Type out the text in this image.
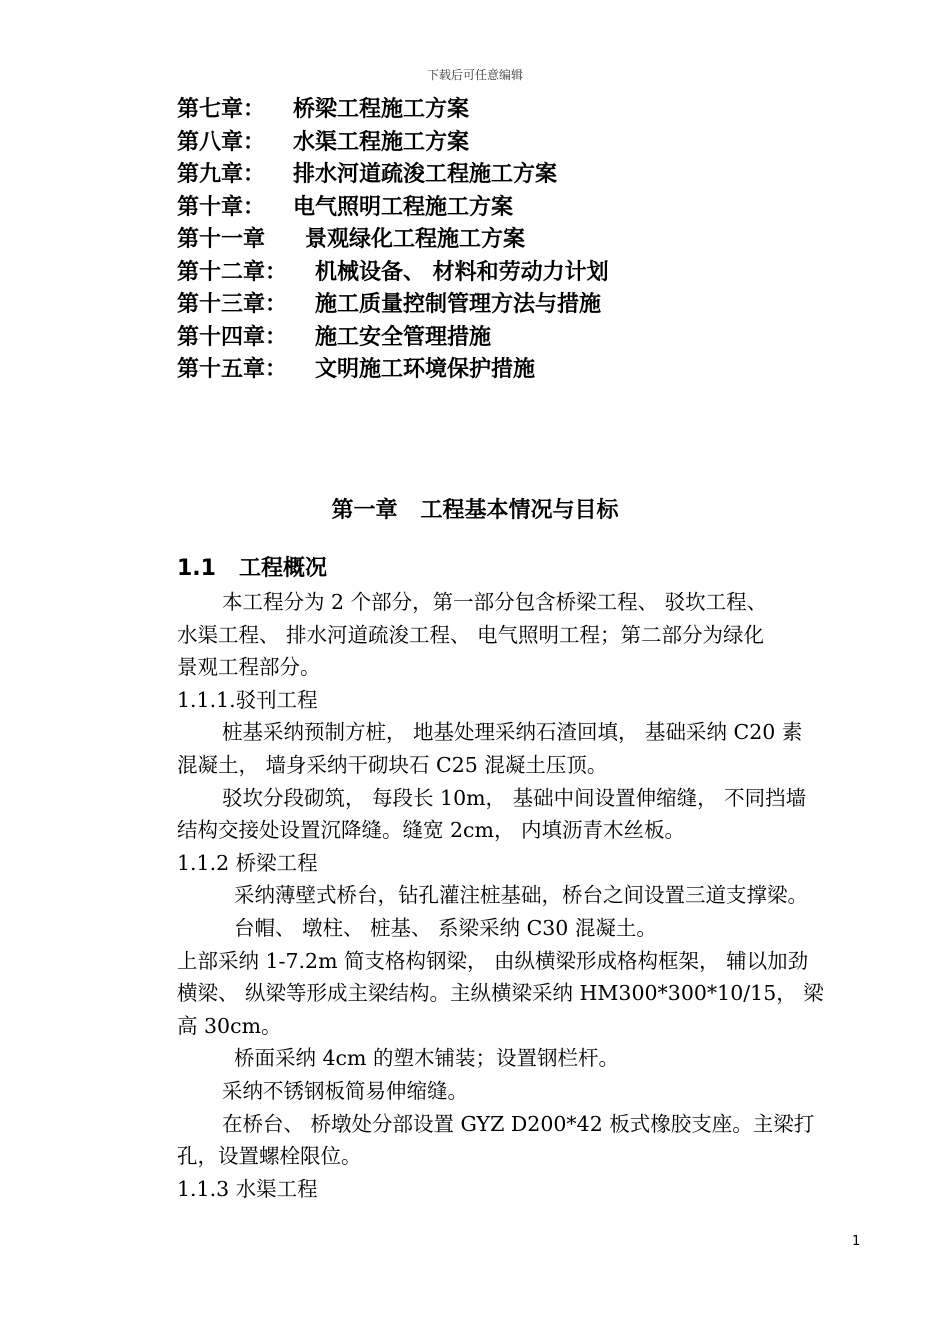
下载后可任意编辑
第七章： 桥梁工程施工方案
第八章： 水渠工程施工方案
第九章： 排水河道疏浚工程施工方案
第十章： 电气照明工程施工方案
第十一章 景观绿化工程施工方案
第十二章： 机械设备、 材料和劳动力计划
第十三章： 施工质量控制管理方法与措施
第十四章： 施工安全管理措施
第十五章： 文明施工环境保护措施
第一章   工程基本情况与目标
1.1   工程概况
本工程分为 2 个部分，第一部分包含桥梁工程、 驳坎工程、
水渠工程、 排水河道疏浚工程、 电气照明工程；第二部分为绿化
景观工程部分。
1.1.1.驳刊工程
桩基采纳预制方桩， 地基处理采纳石渣回填， 基础采纳 C20 素
混凝土， 墙身采纳干砌块石 C25 混凝土压顶。
驳坎分段砌筑， 每段长 10m， 基础中间设置伸缩缝， 不同挡墙
结构交接处设置沉降缝。缝宽 2cm， 内填沥青木丝板。
1.1.2 桥梁工程
采纳薄壁式桥台，钻孔灌注桩基础，桥台之间设置三道支撑梁。
台帽、 墩柱、 桩基、 系梁采纳 C30 混凝土。
上部采纳 1-7.2m 简支格构钢梁， 由纵横梁形成格构框架， 辅以加劲
横梁、 纵梁等形成主梁结构。主纵横梁采纳 HM300*300*10/15， 梁
高 30cm。
桥面采纳 4cm 的塑木铺装；设置钢栏杆。
采纳不锈钢板简易伸缩缝。
在桥台、 桥墩处分部设置 GYZ D200*42 板式橡胶支座。主梁打
孔，设置螺栓限位。
1.1.3 水渠工程
1
